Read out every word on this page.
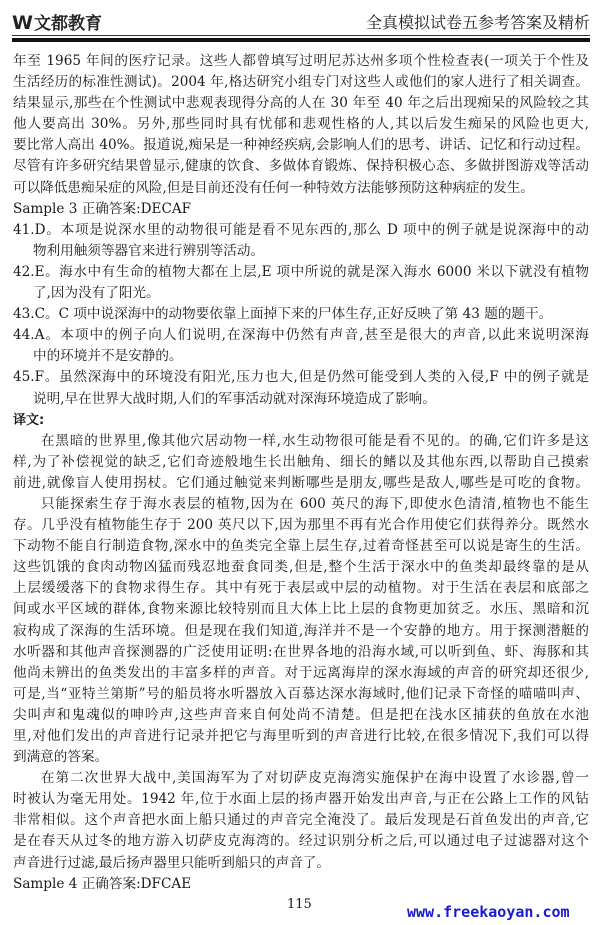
W 文都教育	全真模拟试卷五参考答案及精析
年至 1965 年间的医疗记录。这些人都曾填写过明尼苏达州多项个性检查表(一项关于个性及
生活经历的标准性测试)。2004 年,格达研究小组专门对这些人或他们的家人进行了相关调查。
结果显示,那些在个性测试中悲观表现得分高的人在 30 年至 40 年之后出现痴呆的风险较之其
他人要高出 30%。另外,那些同时具有忧郁和悲观性格的人,其以后发生痴呆的风险也更大,
要比常人高出 40%。报道说,痴呆是一种神经疾病,会影响人们的思考、讲话、记忆和行动过程。
尽管有许多研究结果曾显示,健康的饮食、多做体育锻炼、保持积极心态、多做拼图游戏等活动
可以降低患痴呆症的风险,但是目前还没有任何一种特效方法能够预防这种病症的发生。
Sample 3 正确答案:DECAF
41.D。本项是说深水里的动物很可能是看不见东西的,那么 D 项中的例子就是说深海中的动
物利用触须等器官来进行辨别等活动。
42.E。海水中有生命的植物大都在上层,E 项中所说的就是深入海水 6000 米以下就没有植物
了,因为没有了阳光。
43.C。C 项中说深海中的动物要依靠上面掉下来的尸体生存,正好反映了第 43 题的题干。
44.A。本项中的例子向人们说明,在深海中仍然有声音,甚至是很大的声音,以此来说明深海
中的环境并不是安静的。
45.F。虽然深海中的环境没有阳光,压力也大,但是仍然可能受到人类的入侵,F 中的例子就是
说明,早在世界大战时期,人们的军事活动就对深海环境造成了影响。
译文:
在黑暗的世界里,像其他穴居动物一样,水生动物很可能是看不见的。的确,它们许多是这
样,为了补偿视觉的缺乏,它们奇迹般地生长出触角、细长的鳍以及其他东西,以帮助自己摸索
前进,就像盲人使用拐杖。它们通过触觉来判断哪些是朋友,哪些是敌人,哪些是可吃的食物。
只能探索生存于海水表层的植物,因为在 600 英尺的海下,即使水色清清,植物也不能生
存。几乎没有植物能生存于 200 英尺以下,因为那里不再有光合作用使它们获得养分。既然水
下动物不能自行制造食物,深水中的鱼类完全靠上层生存,过着奇怪甚至可以说是寄生的生活。
这些饥饿的食肉动物凶猛而残忍地蚕食同类,但是,整个生活于深水中的鱼类却最终靠的是从
上层缓缓落下的食物求得生存。其中有死于表层或中层的动植物。对于生活在表层和底部之
间或水平区域的群体,食物来源比较特别而且大体上比上层的食物更加贫乏。水压、黑暗和沉
寂构成了深海的生活环境。但是现在我们知道,海洋并不是一个安静的地方。用于探测潜艇的
水听器和其他声音探测器的广泛使用证明:在世界各地的沿海水域,可以听到鱼、虾、海豚和其
他尚未辨出的鱼类发出的丰富多样的声音。对于远离海岸的深水海域的声音的研究却还很少,
可是,当“亚特兰第斯”号的船员将水听器放入百慕达深水海域时,他们记录下奇怪的喵喵叫声、
尖叫声和鬼魂似的呻吟声,这些声音来自何处尚不清楚。但是把在浅水区捕获的鱼放在水池
里,对他们发出的声音进行记录并把它与海里听到的声音进行比较,在很多情况下,我们可以得
到满意的答案。
在第二次世界大战中,美国海军为了对切萨皮克海湾实施保护在海中设置了水诊器,曾一
时被认为毫无用处。1942 年,位于水面上层的扬声器开始发出声音,与正在公路上工作的风钻
非常相似。这个声音把水面上船只通过的声音完全淹没了。最后发现是石首鱼发出的声音,它
是在春天从过冬的地方游入切萨皮克海湾的。经过识别分析之后,可以通过电子过滤器对这个
声音进行过滤,最后扬声器里只能听到船只的声音了。
Sample 4 正确答案:DFCAE
115	www.freekaoyan.com
